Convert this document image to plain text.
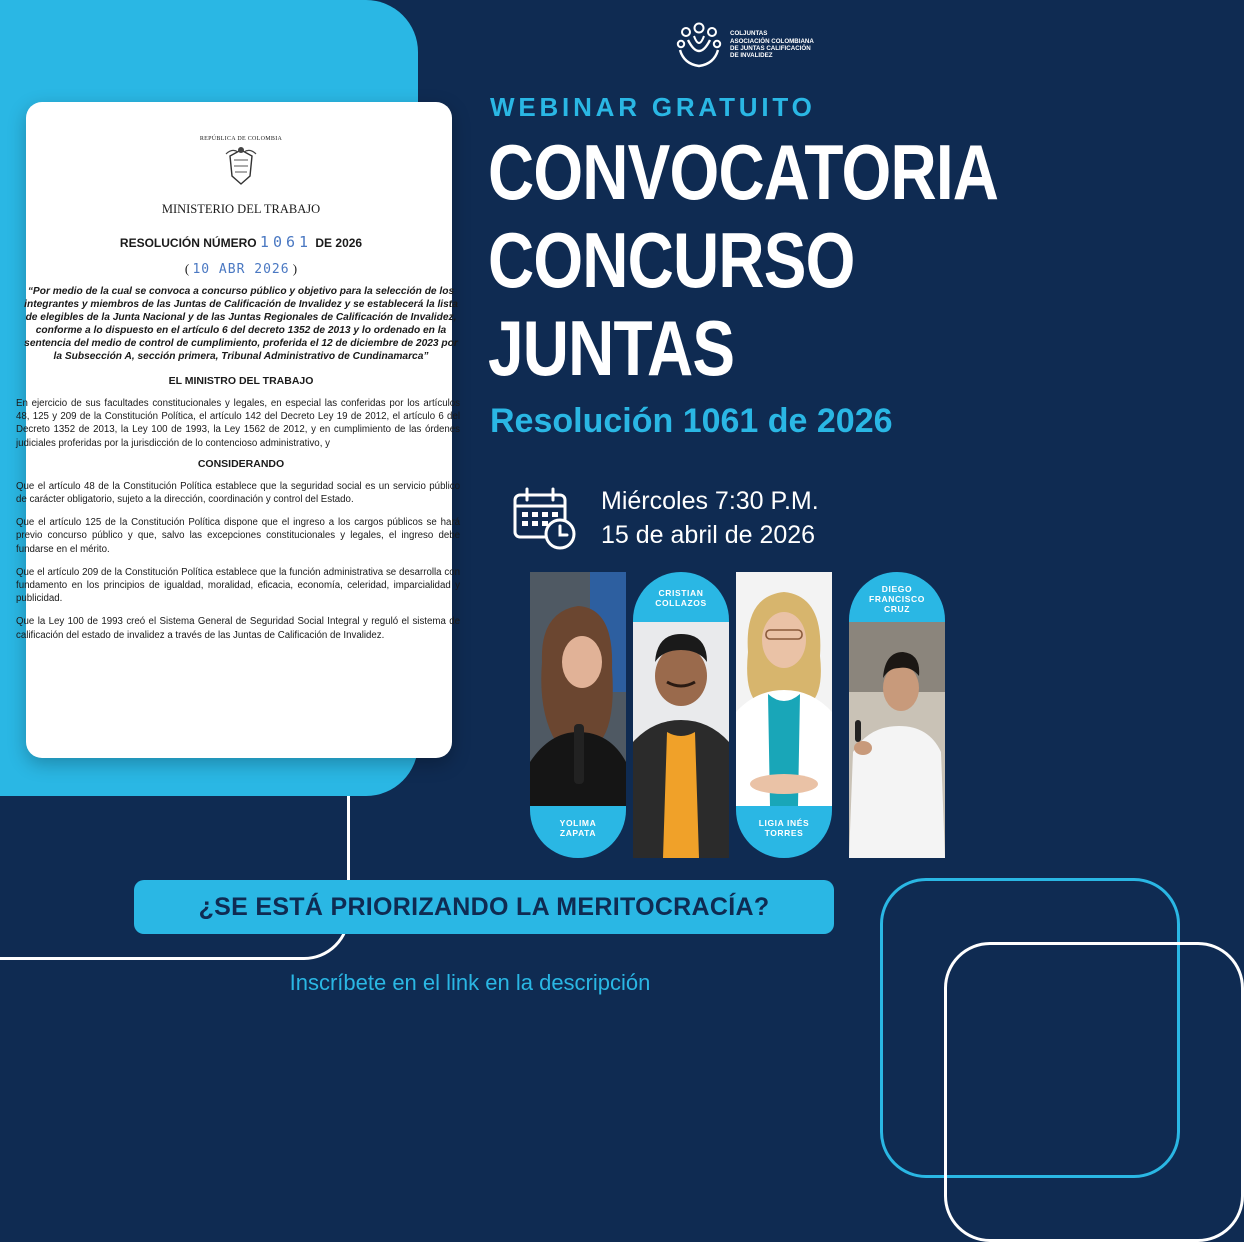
REPÚBLICA DE COLOMBIA
MINISTERIO DEL TRABAJO
RESOLUCIÓN NÚMERO 1061 DE 2026
( 10 ABR 2026 )
“Por medio de la cual se convoca a concurso público y objetivo para la selección de los integrantes y miembros de las Juntas de Calificación de Invalidez y se establecerá la lista de elegibles de la Junta Nacional y de las Juntas Regionales de Calificación de Invalidez, conforme a lo dispuesto en el artículo 6 del decreto 1352 de 2013 y lo ordenado en la sentencia del medio de control de cumplimiento, proferida el 12 de diciembre de 2023 por la Subsección A, sección primera, Tribunal Administrativo de Cundinamarca”
EL MINISTRO DEL TRABAJO
En ejercicio de sus facultades constitucionales y legales, en especial las conferidas por los artículos 48, 125 y 209 de la Constitución Política, el artículo 142 del Decreto Ley 19 de 2012, el artículo 6 del Decreto 1352 de 2013, la Ley 100 de 1993, la Ley 1562 de 2012, y en cumplimiento de las órdenes judiciales proferidas por la jurisdicción de lo contencioso administrativo, y
CONSIDERANDO
Que el artículo 48 de la Constitución Política establece que la seguridad social es un servicio público de carácter obligatorio, sujeto a la dirección, coordinación y control del Estado.
Que el artículo 125 de la Constitución Política dispone que el ingreso a los cargos públicos se hará previo concurso público y que, salvo las excepciones constitucionales y legales, el ingreso debe fundarse en el mérito.
Que el artículo 209 de la Constitución Política establece que la función administrativa se desarrolla con fundamento en los principios de igualdad, moralidad, eficacia, economía, celeridad, imparcialidad y publicidad.
Que la Ley 100 de 1993 creó el Sistema General de Seguridad Social Integral y reguló el sistema de calificación del estado de invalidez a través de las Juntas de Calificación de Invalidez.
COLJUNTAS
ASOCIACIÓN COLOMBIANA
DE JUNTAS CALIFICACIÓN
DE INVALIDEZ
WEBINAR GRATUITO
CONVOCATORIA
CONCURSO
JUNTAS
Resolución 1061 de 2026
Miércoles 7:30 P.M.
15 de abril de 2026
YOLIMA
ZAPATA
CRISTIAN
COLLAZOS
LIGIA INÉS
TORRES
DIEGO
FRANCISCO
CRUZ
¿SE ESTÁ PRIORIZANDO LA MERITOCRACÍA?
Inscríbete en el link en la descripción
